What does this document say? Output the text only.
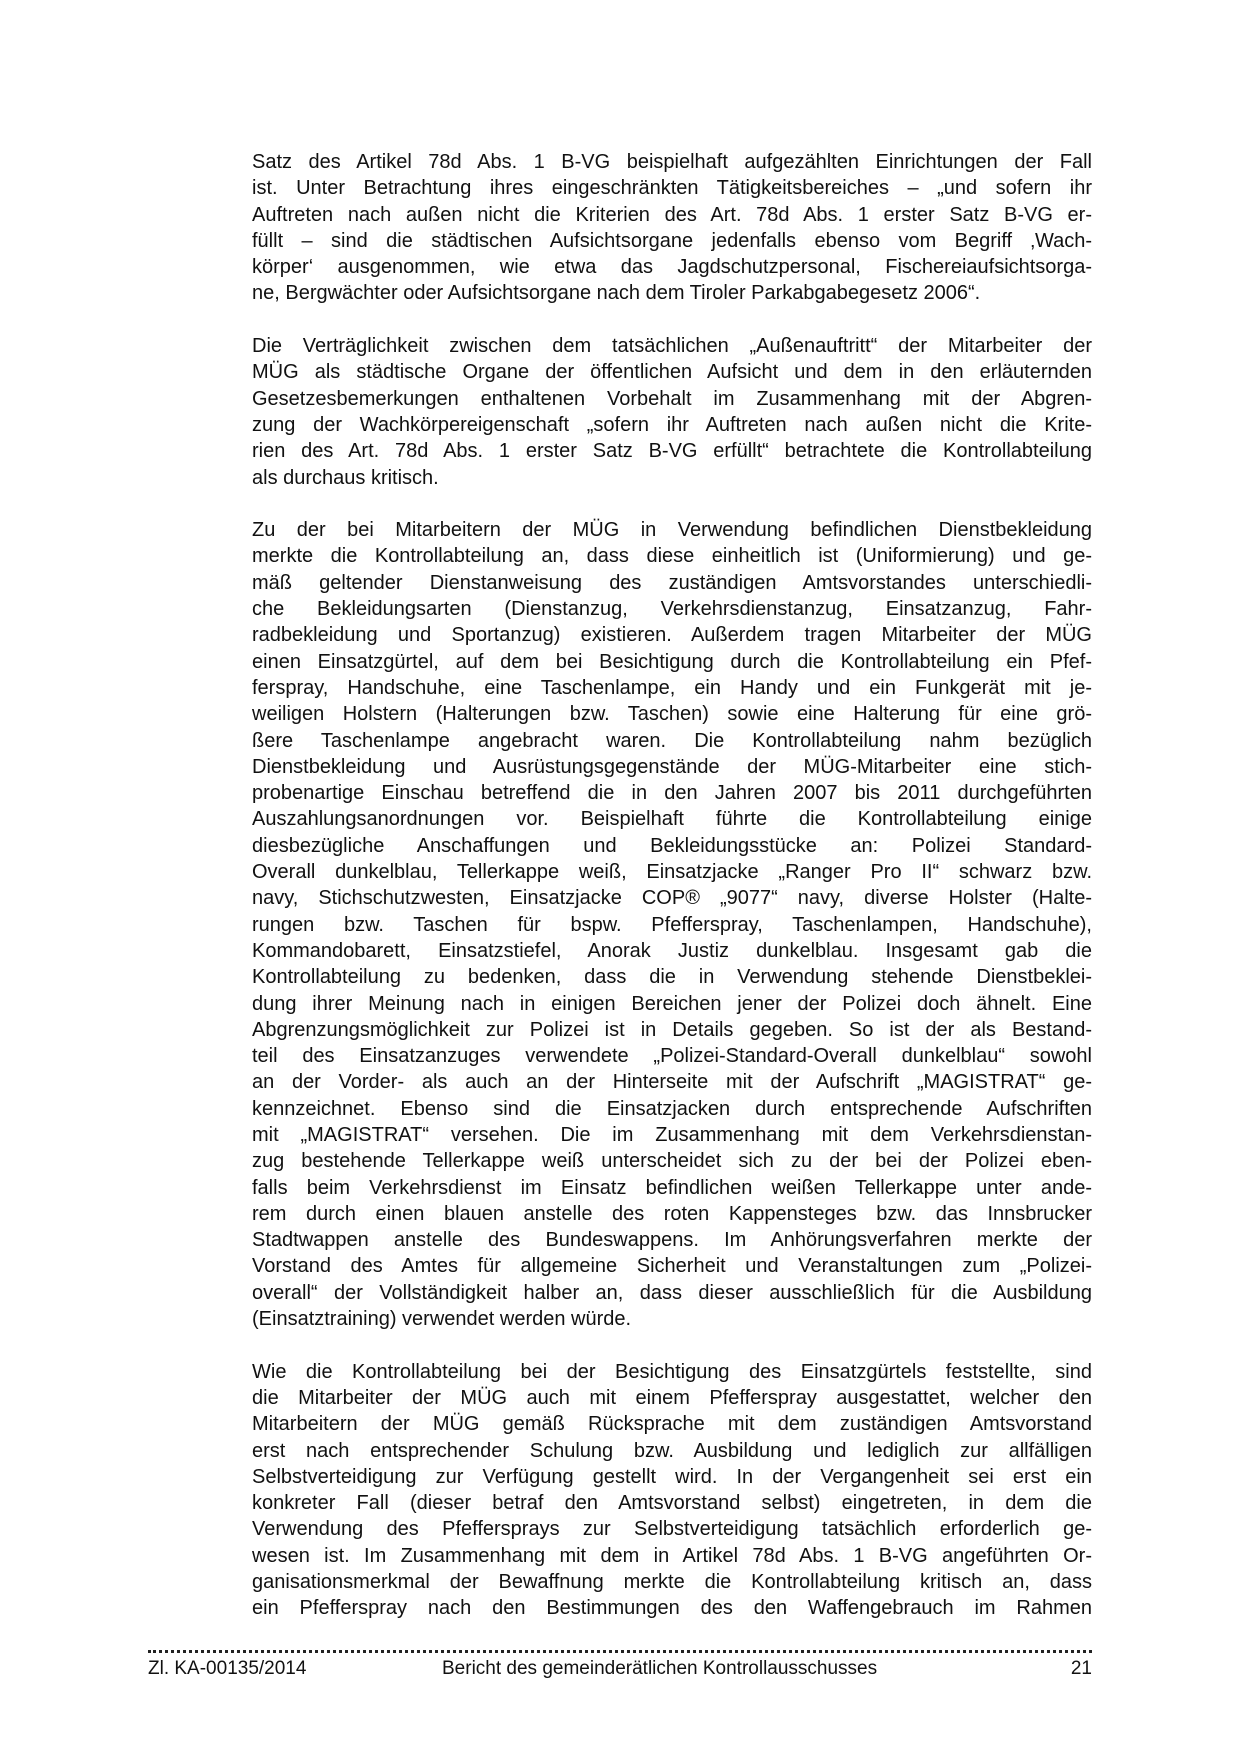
Satz des Artikel 78d Abs. 1 B-VG beispielhaft aufgezählten Einrichtungen der Fall
ist. Unter Betrachtung ihres eingeschränkten Tätigkeitsbereiches – „und sofern ihr
Auftreten nach außen nicht die Kriterien des Art. 78d Abs. 1 erster Satz B-VG er-
füllt – sind die städtischen Aufsichtsorgane jedenfalls ebenso vom Begriff ‚Wach-
körper‘ ausgenommen, wie etwa das Jagdschutzpersonal, Fischereiaufsichtsorga-
ne, Bergwächter oder Aufsichtsorgane nach dem Tiroler Parkabgabegesetz 2006“.
Die Verträglichkeit zwischen dem tatsächlichen „Außenauftritt“ der Mitarbeiter der
MÜG als städtische Organe der öffentlichen Aufsicht und dem in den erläuternden
Gesetzesbemerkungen enthaltenen Vorbehalt im Zusammenhang mit der Abgren-
zung der Wachkörpereigenschaft „sofern ihr Auftreten nach außen nicht die Krite-
rien des Art. 78d Abs. 1 erster Satz B-VG erfüllt“ betrachtete die Kontrollabteilung
als durchaus kritisch.
Zu der bei Mitarbeitern der MÜG in Verwendung befindlichen Dienstbekleidung
merkte die Kontrollabteilung an, dass diese einheitlich ist (Uniformierung) und ge-
mäß geltender Dienstanweisung des zuständigen Amtsvorstandes unterschiedli-
che Bekleidungsarten (Dienstanzug, Verkehrsdienstanzug, Einsatzanzug, Fahr-
radbekleidung und Sportanzug) existieren. Außerdem tragen Mitarbeiter der MÜG
einen Einsatzgürtel, auf dem bei Besichtigung durch die Kontrollabteilung ein Pfef-
ferspray, Handschuhe, eine Taschenlampe, ein Handy und ein Funkgerät mit je-
weiligen Holstern (Halterungen bzw. Taschen) sowie eine Halterung für eine grö-
ßere Taschenlampe angebracht waren. Die Kontrollabteilung nahm bezüglich
Dienstbekleidung und Ausrüstungsgegenstände der MÜG-Mitarbeiter eine stich-
probenartige Einschau betreffend die in den Jahren 2007 bis 2011 durchgeführten
Auszahlungsanordnungen vor. Beispielhaft führte die Kontrollabteilung einige
diesbezügliche Anschaffungen und Bekleidungsstücke an: Polizei Standard-
Overall dunkelblau, Tellerkappe weiß, Einsatzjacke „Ranger Pro II“ schwarz bzw.
navy, Stichschutzwesten, Einsatzjacke COP® „9077“ navy, diverse Holster (Halte-
rungen bzw. Taschen für bspw. Pfefferspray, Taschenlampen, Handschuhe),
Kommandobarett, Einsatzstiefel, Anorak Justiz dunkelblau. Insgesamt gab die
Kontrollabteilung zu bedenken, dass die in Verwendung stehende Dienstbeklei-
dung ihrer Meinung nach in einigen Bereichen jener der Polizei doch ähnelt. Eine
Abgrenzungsmöglichkeit zur Polizei ist in Details gegeben. So ist der als Bestand-
teil des Einsatzanzuges verwendete „Polizei-Standard-Overall dunkelblau“ sowohl
an der Vorder- als auch an der Hinterseite mit der Aufschrift „MAGISTRAT“ ge-
kennzeichnet. Ebenso sind die Einsatzjacken durch entsprechende Aufschriften
mit „MAGISTRAT“ versehen. Die im Zusammenhang mit dem Verkehrsdienstan-
zug bestehende Tellerkappe weiß unterscheidet sich zu der bei der Polizei eben-
falls beim Verkehrsdienst im Einsatz befindlichen weißen Tellerkappe unter ande-
rem durch einen blauen anstelle des roten Kappensteges bzw. das Innsbrucker
Stadtwappen anstelle des Bundeswappens. Im Anhörungsverfahren merkte der
Vorstand des Amtes für allgemeine Sicherheit und Veranstaltungen zum „Polizei-
overall“ der Vollständigkeit halber an, dass dieser ausschließlich für die Ausbildung
(Einsatztraining) verwendet werden würde.
Wie die Kontrollabteilung bei der Besichtigung des Einsatzgürtels feststellte, sind
die Mitarbeiter der MÜG auch mit einem Pfefferspray ausgestattet, welcher den
Mitarbeitern der MÜG gemäß Rücksprache mit dem zuständigen Amtsvorstand
erst nach entsprechender Schulung bzw. Ausbildung und lediglich zur allfälligen
Selbstverteidigung zur Verfügung gestellt wird. In der Vergangenheit sei erst ein
konkreter Fall (dieser betraf den Amtsvorstand selbst) eingetreten, in dem die
Verwendung des Pfeffersprays zur Selbstverteidigung tatsächlich erforderlich ge-
wesen ist. Im Zusammenhang mit dem in Artikel 78d Abs. 1 B-VG angeführten Or-
ganisationsmerkmal der Bewaffnung merkte die Kontrollabteilung kritisch an, dass
ein Pfefferspray nach den Bestimmungen des den Waffengebrauch im Rahmen
Zl. KA-00135/2014	Bericht des gemeinderätlichen Kontrollausschusses	21
